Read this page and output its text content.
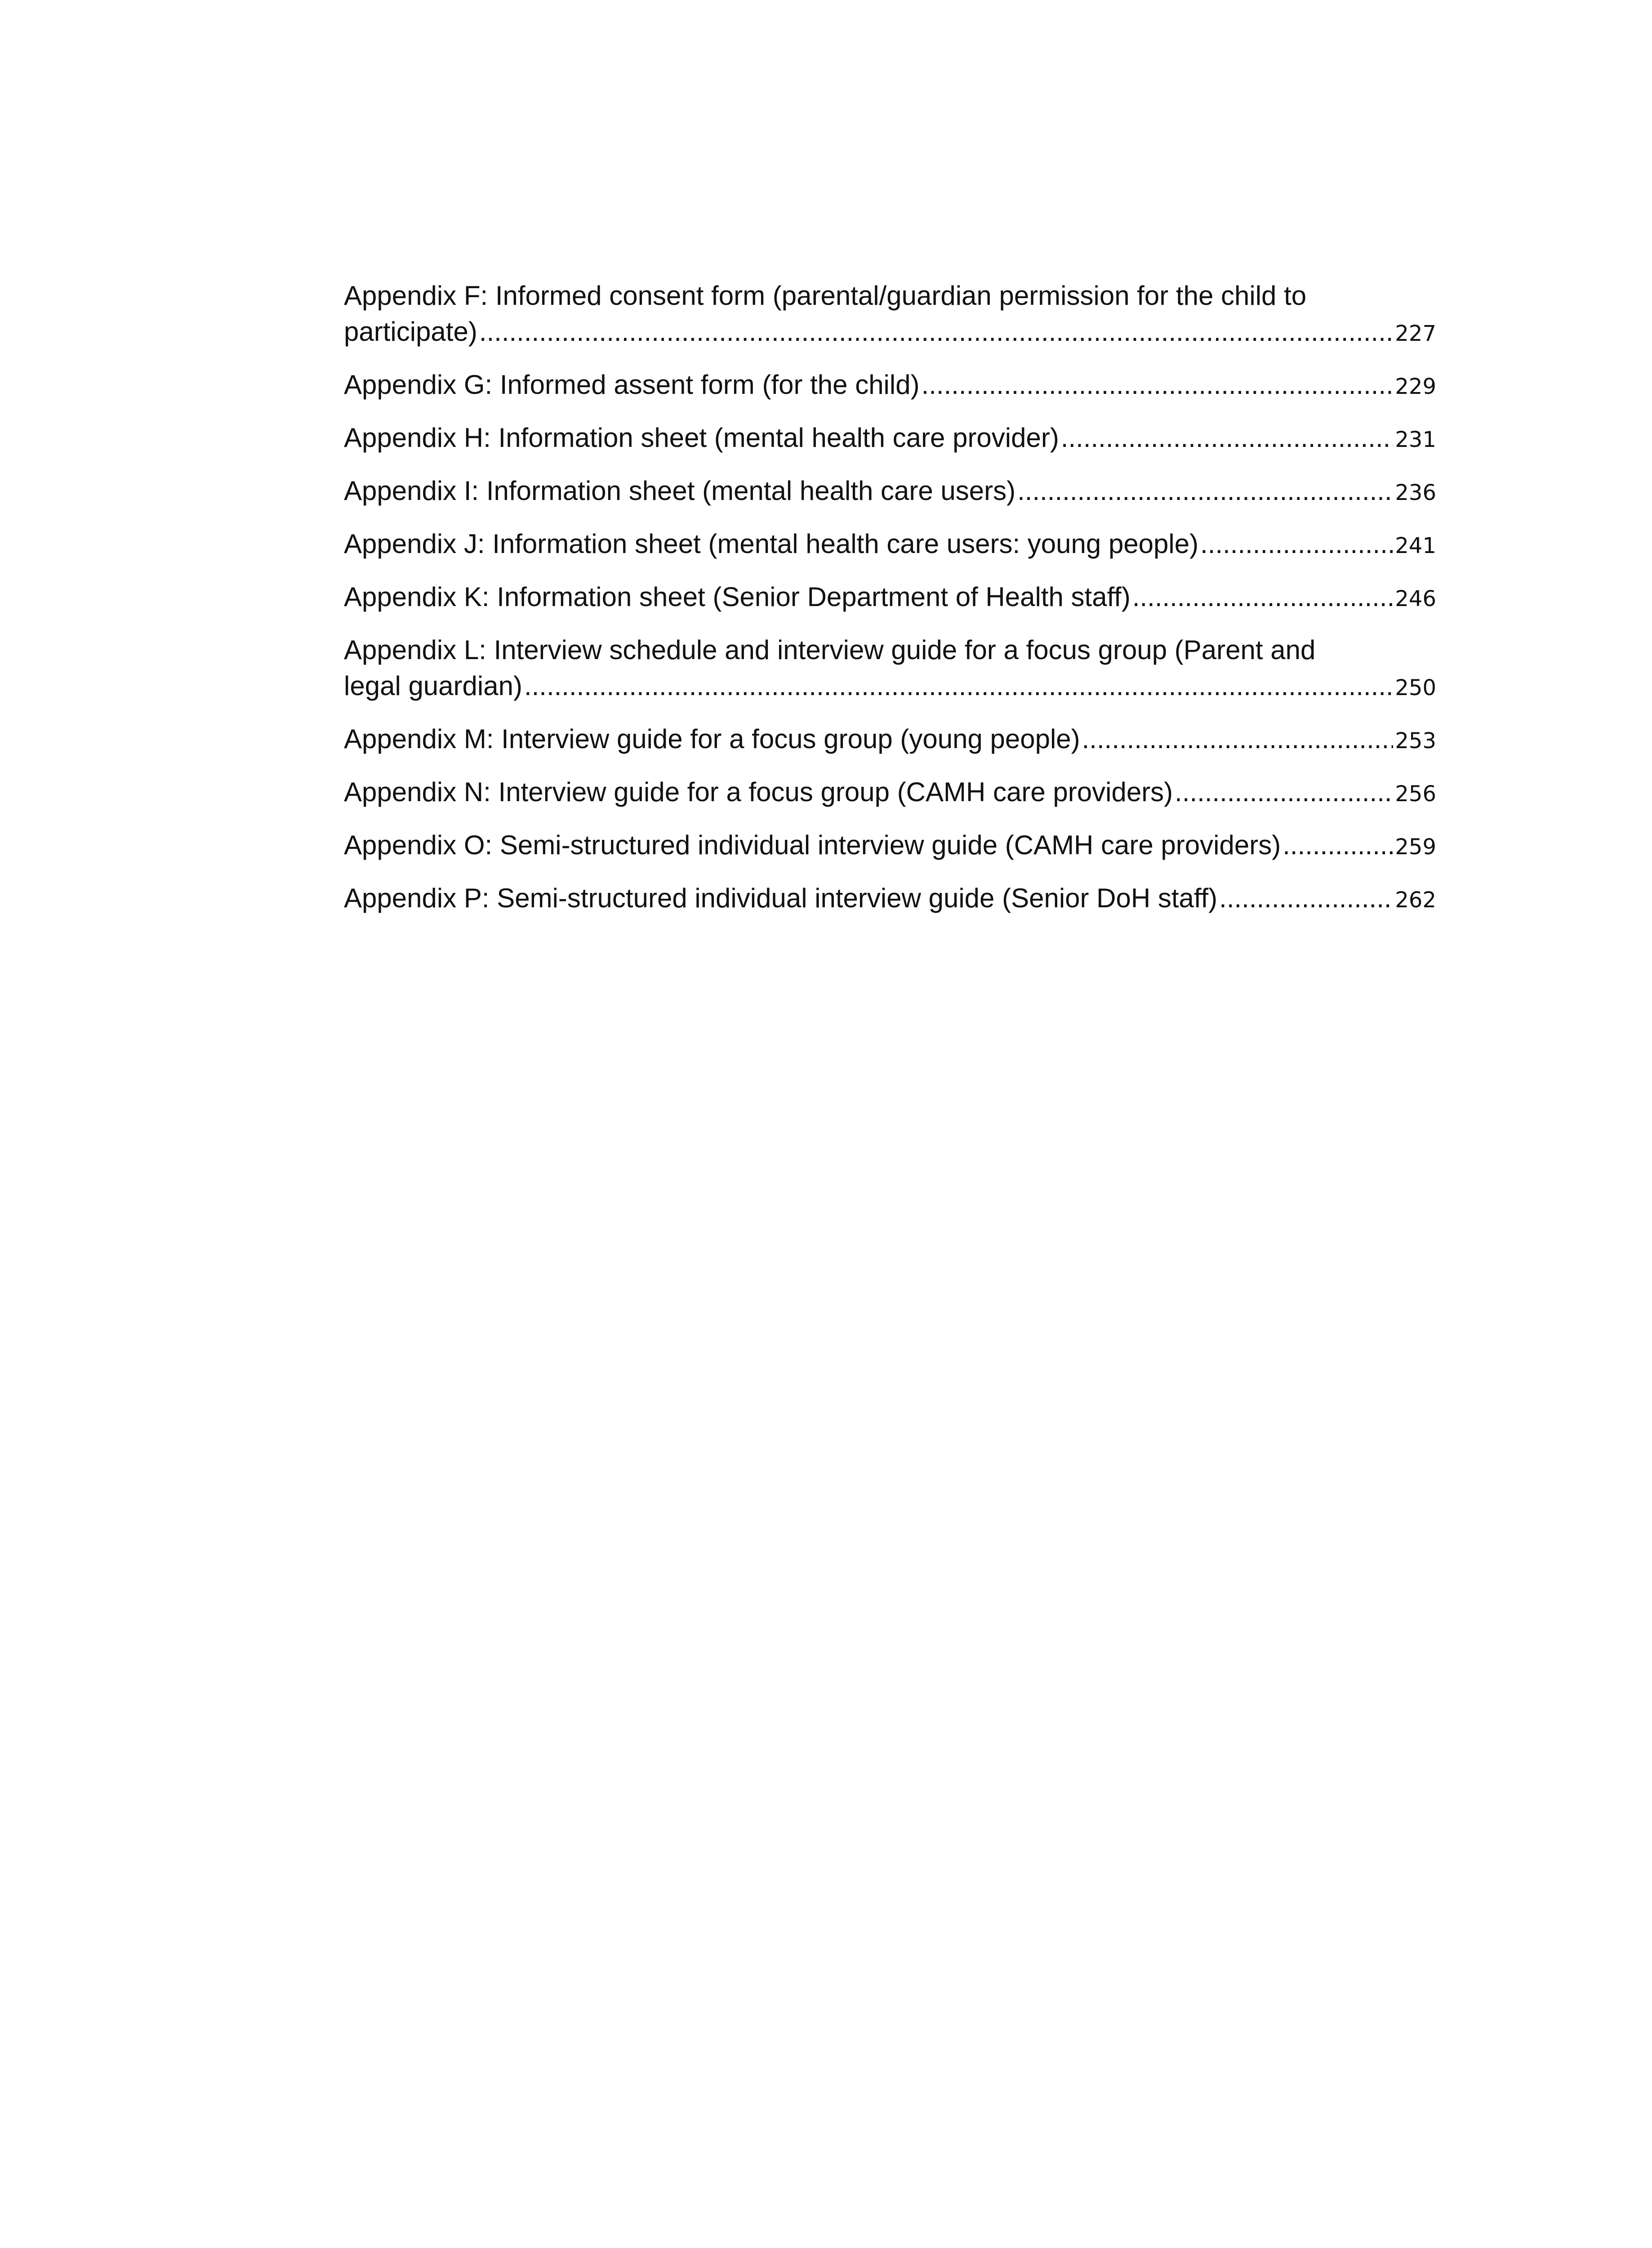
Appendix F: Informed consent form (parental/guardian permission for the child to
participate) .....	227
Appendix G: Informed assent form (for the child) .....	229
Appendix H: Information sheet (mental health care provider) .....	231
Appendix I: Information sheet (mental health care users) .....	236
Appendix J: Information sheet (mental health care users: young people) .....	241
Appendix K: Information sheet (Senior Department of Health staff) .....	246
Appendix L: Interview schedule and interview guide for a focus group (Parent and
legal guardian) .....	250
Appendix M: Interview guide for a focus group (young people) .....	253
Appendix N: Interview guide for a focus group (CAMH care providers) .....	256
Appendix O: Semi-structured individual interview guide (CAMH care providers) .....	259
Appendix P: Semi-structured individual interview guide (Senior DoH staff) .....	262
